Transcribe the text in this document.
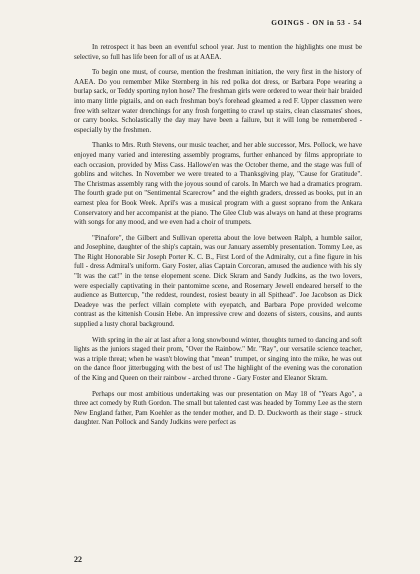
GOINGS - ON in 53 - 54

In retrospect it has been an eventful school year. Just to mention the highlights one must be selective, so full has life been for all of us at AAEA.

To begin one must, of course, mention the freshman initiation, the very first in the history of AAEA. Do you remember Mike Sternberg in his red polka dot dress, or Barbara Pope wearing a burlap sack, or Teddy sporting nylon hose? The freshman girls were ordered to wear their hair braided into many little pigtails, and on each freshman boy's forehead gleamed a red F. Upper classmen were free with seltzer water drenchings for any frosh forgetting to crawl up stairs, clean classmates' shoes, or carry books. Scholastically the day may have been a failure, but it will long be remembered - especially by the freshmen.

Thanks to Mrs. Ruth Stevens, our music teacher, and her able successor, Mrs. Pollock, we have enjoyed many varied and interesting assembly programs, further enhanced by films appropriate to each occasion, provided by Miss Cass. Hallowe'en was the October theme, and the stage was full of goblins and witches. In November we were treated to a Thanksgiving play, "Cause for Gratitude". The Christmas assembly rang with the joyous sound of carols. In March we had a dramatics program. The fourth grade put on "Sentimental Scarecrow" and the eighth graders, dressed as books, put in an earnest plea for Book Week. April's was a musical program with a guest soprano from the Ankara Conservatory and her accompanist at the piano. The Glee Club was always on hand at these programs with songs for any mood, and we even had a choir of trumpets.

"Pinafore", the Gilbert and Sullivan operetta about the love between Ralph, a humble sailor, and Josephine, daughter of the ship's captain, was our January assembly presentation. Tommy Lee, as The Right Honorable Sir Joseph Porter K. C. B., First Lord of the Admiralty, cut a fine figure in his full - dress Admiral's uniform. Gary Foster, alias Captain Corcoran, amused the audience with his sly "It was the cat!" in the tense elopement scene. Dick Skram and Sandy Judkins, as the two lovers, were especially captivating in their pantomime scene, and Rosemary Jewell endeared herself to the audience as Buttercup, "the reddest, roundest, rosiest beauty in all Spithead". Joe Jacobson as Dick Deadeye was the perfect villain complete with eyepatch, and Barbara Pope provided welcome contrast as the kittenish Cousin Hebe. An impressive crew and dozens of sisters, cousins, and aunts supplied a lusty choral background.

With spring in the air at last after a long snowbound winter, thoughts turned to dancing and soft lights as the juniors staged their prom, "Over the Rainbow." Mr. "Ray", our versatile science teacher, was a triple threat; when he wasn't blowing that "mean" trumpet, or singing into the mike, he was out on the dance floor jitterbugging with the best of us! The highlight of the evening was the coronation of the King and Queen on their rainbow - arched throne - Gary Foster and Eleanor Skram.

Perhaps our most ambitious undertaking was our presentation on May 18 of "Years Ago", a three act comedy by Ruth Gordon. The small but talented cast was headed by Tommy Lee as the stern New England father, Pam Koehler as the tender mother, and D. D. Duckworth as their stage - struck daughter. Nan Pollock and Sandy Judkins were perfect as

22
